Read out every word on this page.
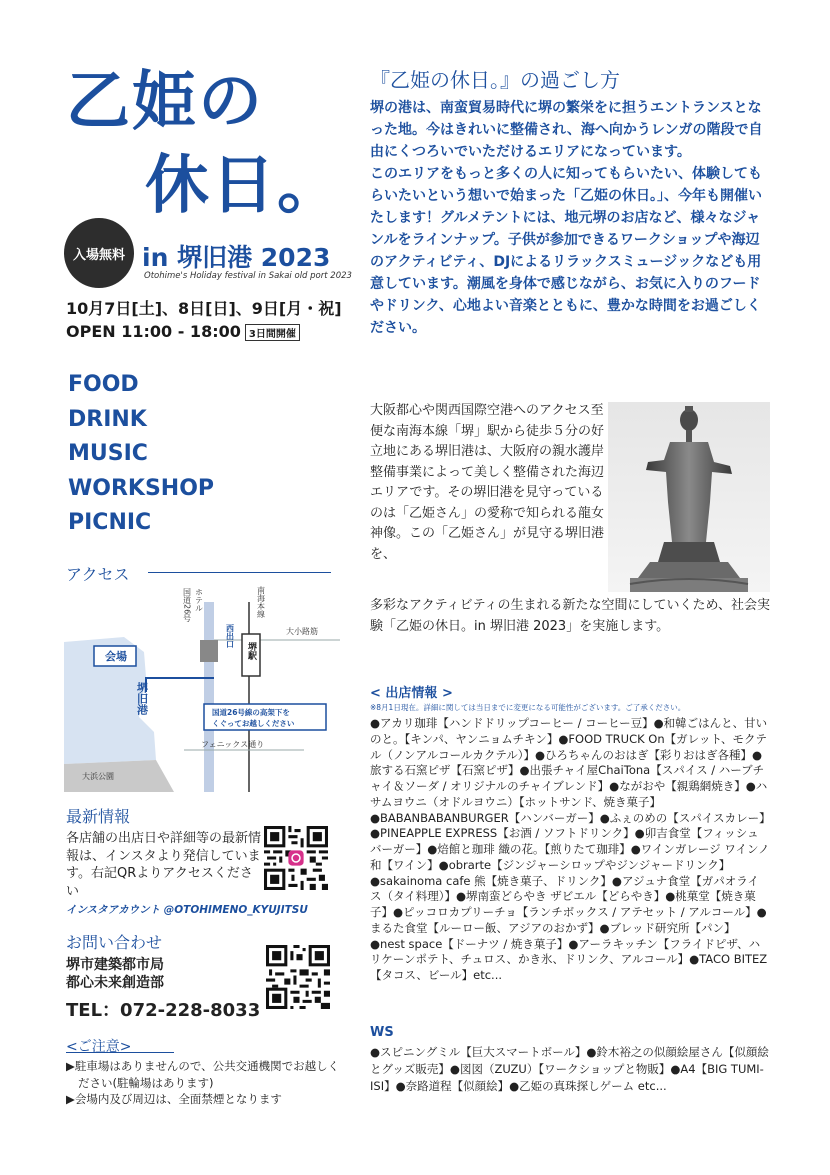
乙姫の
休日。
入場無料 in 堺旧港 2023
Otohime's Holiday festival in Sakai old port 2023
10月7日[土]、8日[日]、9日[月・祝]
OPEN 11:00 - 18:00 3日間開催
FOOD
DRINK
MUSIC
WORKSHOP
PICNIC
アクセス
会場
堺旧港
ホテル
国道26号	南海本線
西出口
堺駅
大小路筋
国道26号線の高架下を
くぐってお越しください
フェニックス通り
大浜公園
最新情報
各店舗の出店日や詳細等の最新情報は、インスタより発信しています。右記QRよりアクセスください
インスタアカウント @OTOHIMENO_KYUJITSU
お問い合わせ
堺市建築都市局
都心未来創造部
TEL：072-228-8033
<ご注意>
▶駐車場はありませんので、公共交通機関でお越しください(駐輪場はあります)
▶会場内及び周辺は、全面禁煙となります
『乙姫の休日。』の過ごし方
堺の港は、南蛮貿易時代に堺の繁栄をに担うエントランスとなった地。今はきれいに整備され、海へ向かうレンガの階段で自由にくつろいでいただけるエリアになっています。
このエリアをもっと多くの人に知ってもらいたい、体験してもらいたいという想いで始まった「乙姫の休日。」、今年も開催いたします！グルメテントには、地元堺のお店など、様々なジャンルをラインナップ。子供が参加できるワークショップや海辺のアクティビティ、DJによるリラックスミュージックなども用意しています。潮風を身体で感じながら、お気に入りのフードやドリンク、心地よい音楽とともに、豊かな時間をお過ごしください。
大阪都心や関西国際空港へのアクセス至便な南海本線「堺」駅から徒歩５分の好立地にある堺旧港は、大阪府の親水護岸整備事業によって美しく整備された海辺エリアです。その堺旧港を見守っているのは「乙姫さん」の愛称で知られる龍女神像。この「乙姫さん」が見守る堺旧港を、
多彩なアクティビティの生まれる新たな空間にしていくため、社会実験「乙姫の休日。in 堺旧港 2023」を実施します。
< 出店情報 >
※8月1日現在。詳細に関しては当日までに変更になる可能性がございます。ご了承ください。
●アカリ珈琲【ハンドドリップコーヒー / コーヒー豆】●和韓ごはんと、甘いのと。【キンパ、ヤンニョムチキン】●FOOD TRUCK On【ガレット、モクテル（ノンアルコールカクテル）】●ひろちゃんのおはぎ【彩りおはぎ各種】●旅する石窯ピザ【石窯ピザ】●出張チャイ屋ChaiTona【スパイス / ハーブチャイ＆ソーダ / オリジナルのチャイブレンド】●ながおや【親鶏網焼き】●ハサムヨウニ（オドルヨウニ）【ホットサンド、焼き菓子】●BABANBABANBURGER【ハンバーガー】●ふぇのめの【スパイスカレー】●PINEAPPLE EXPRESS【お酒 / ソフトドリンク】●卯吉食堂【フィッシュバーガー】●焙館と珈琲 織の花。【煎りたて珈琲】●ワインガレージ ワインノ和【ワイン】●obrarte【ジンジャーシロップやジンジャードリンク】●sakainoma cafe 熊【焼き菓子、ドリンク】●アジュナ食堂【ガパオライス（タイ料理）】●堺南蛮どらやき ザビエル【どらやき】●桃菓堂【焼き菓子】●ピッコロカプリーチョ【ランチボックス / アテセット / アルコール】●まるた食堂【ルーロー飯、アジアのおかず】●ブレッド研究所【パン】●nest space【ドーナツ / 焼き菓子】●アーラキッチン【フライドピザ、ハリケーンポテト、チュロス、かき氷、ドリンク、アルコール】●TACO BITEZ【タコス、ビール】etc...
WS
●スピニングミル【巨大スマートボール】●鈴木裕之の似顔絵屋さん【似顔絵とグッズ販売】●図図（ZUZU）【ワークショップと物販】●A4【BIG TUMI- ISI】●奈路道程【似顔絵】●乙姫の真珠探しゲーム etc...
